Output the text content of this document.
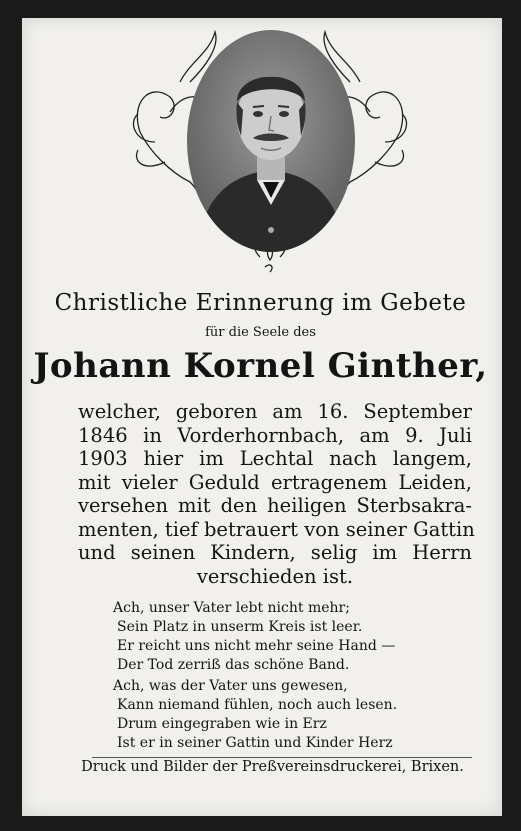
Christliche Erinnerung im Gebete
für die Seele des
Johann Kornel Ginther,
welcher, geboren am 16. September
1846 in Vorderhornbach, am 9. Juli
1903 hier im Lechtal nach langem,
mit vieler Geduld ertragenem Leiden,
versehen mit den heiligen Sterbsakra-
menten, tief betrauert von seiner Gattin
und seinen Kindern, selig im Herrn
verschieden ist.
Ach, unser Vater lebt nicht mehr;
Sein Platz in unserm Kreis ist leer.
Er reicht uns nicht mehr seine Hand —
Der Tod zerriß das schöne Band.
Ach, was der Vater uns gewesen,
Kann niemand fühlen, noch auch lesen.
Drum eingegraben wie in Erz
Ist er in seiner Gattin und Kinder Herz
Druck und Bilder der Preßvereinsdruckerei, Brixen.
